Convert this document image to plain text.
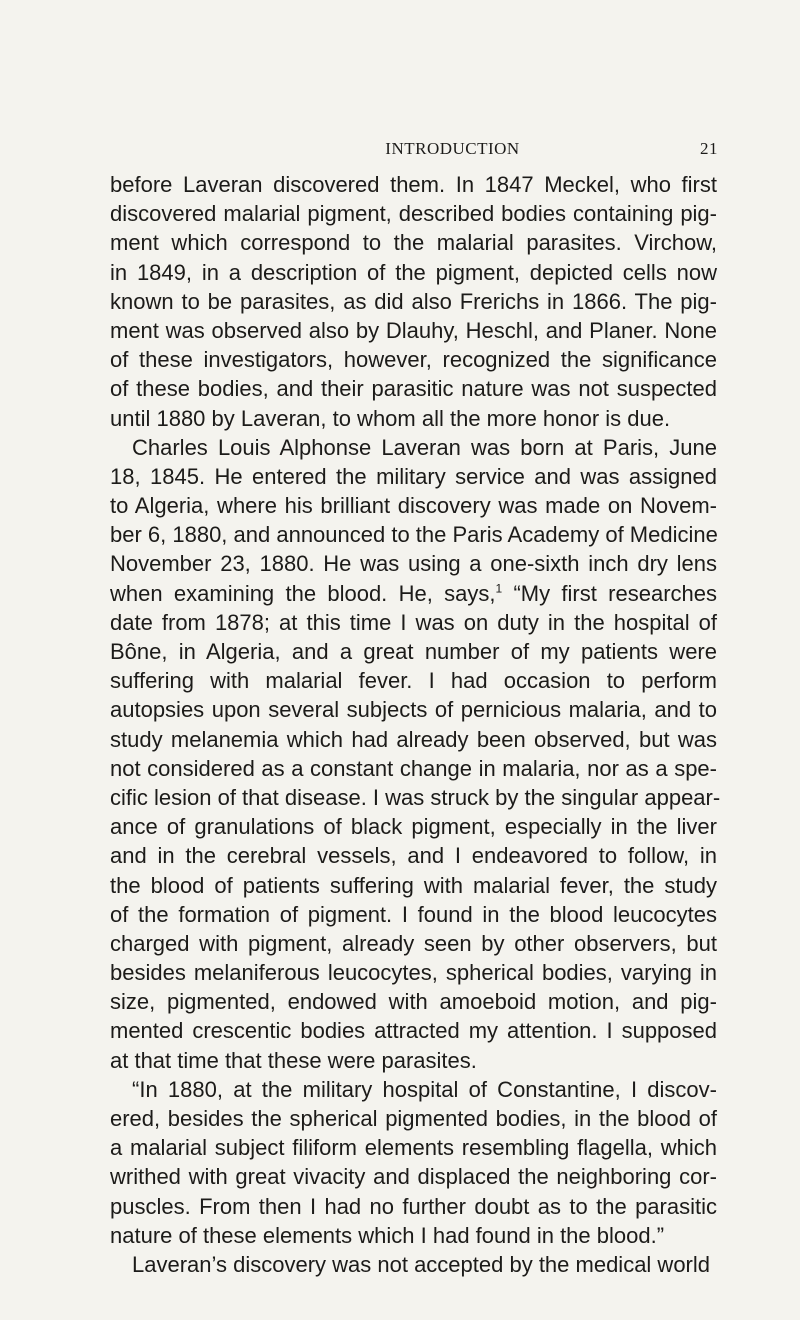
INTRODUCTION	21
before Laveran discovered them. In 1847 Meckel, who first
discovered malarial pigment, described bodies containing pig-
ment which correspond to the malarial parasites. Virchow,
in 1849, in a description of the pigment, depicted cells now
known to be parasites, as did also Frerichs in 1866. The pig-
ment was observed also by Dlauhy, Heschl, and Planer. None
of these investigators, however, recognized the significance
of these bodies, and their parasitic nature was not suspected
until 1880 by Laveran, to whom all the more honor is due.
Charles Louis Alphonse Laveran was born at Paris, June
18, 1845. He entered the military service and was assigned
to Algeria, where his brilliant discovery was made on Novem-
ber 6, 1880, and announced to the Paris Academy of Medicine
November 23, 1880. He was using a one-sixth inch dry lens
when examining the blood. He, says,$^1$ “My first researches
date from 1878; at this time I was on duty in the hospital of
Bône, in Algeria, and a great number of my patients were
suffering with malarial fever. I had occasion to perform
autopsies upon several subjects of pernicious malaria, and to
study melanemia which had already been observed, but was
not considered as a constant change in malaria, nor as a spe-
cific lesion of that disease. I was struck by the singular appear-
ance of granulations of black pigment, especially in the liver
and in the cerebral vessels, and I endeavored to follow, in
the blood of patients suffering with malarial fever, the study
of the formation of pigment. I found in the blood leucocytes
charged with pigment, already seen by other observers, but
besides melaniferous leucocytes, spherical bodies, varying in
size, pigmented, endowed with amoeboid motion, and pig-
mented crescentic bodies attracted my attention. I supposed
at that time that these were parasites.
“In 1880, at the military hospital of Constantine, I discov-
ered, besides the spherical pigmented bodies, in the blood of
a malarial subject filiform elements resembling flagella, which
writhed with great vivacity and displaced the neighboring cor-
puscles. From then I had no further doubt as to the parasitic
nature of these elements which I had found in the blood.”
Laveran’s discovery was not accepted by the medical world
